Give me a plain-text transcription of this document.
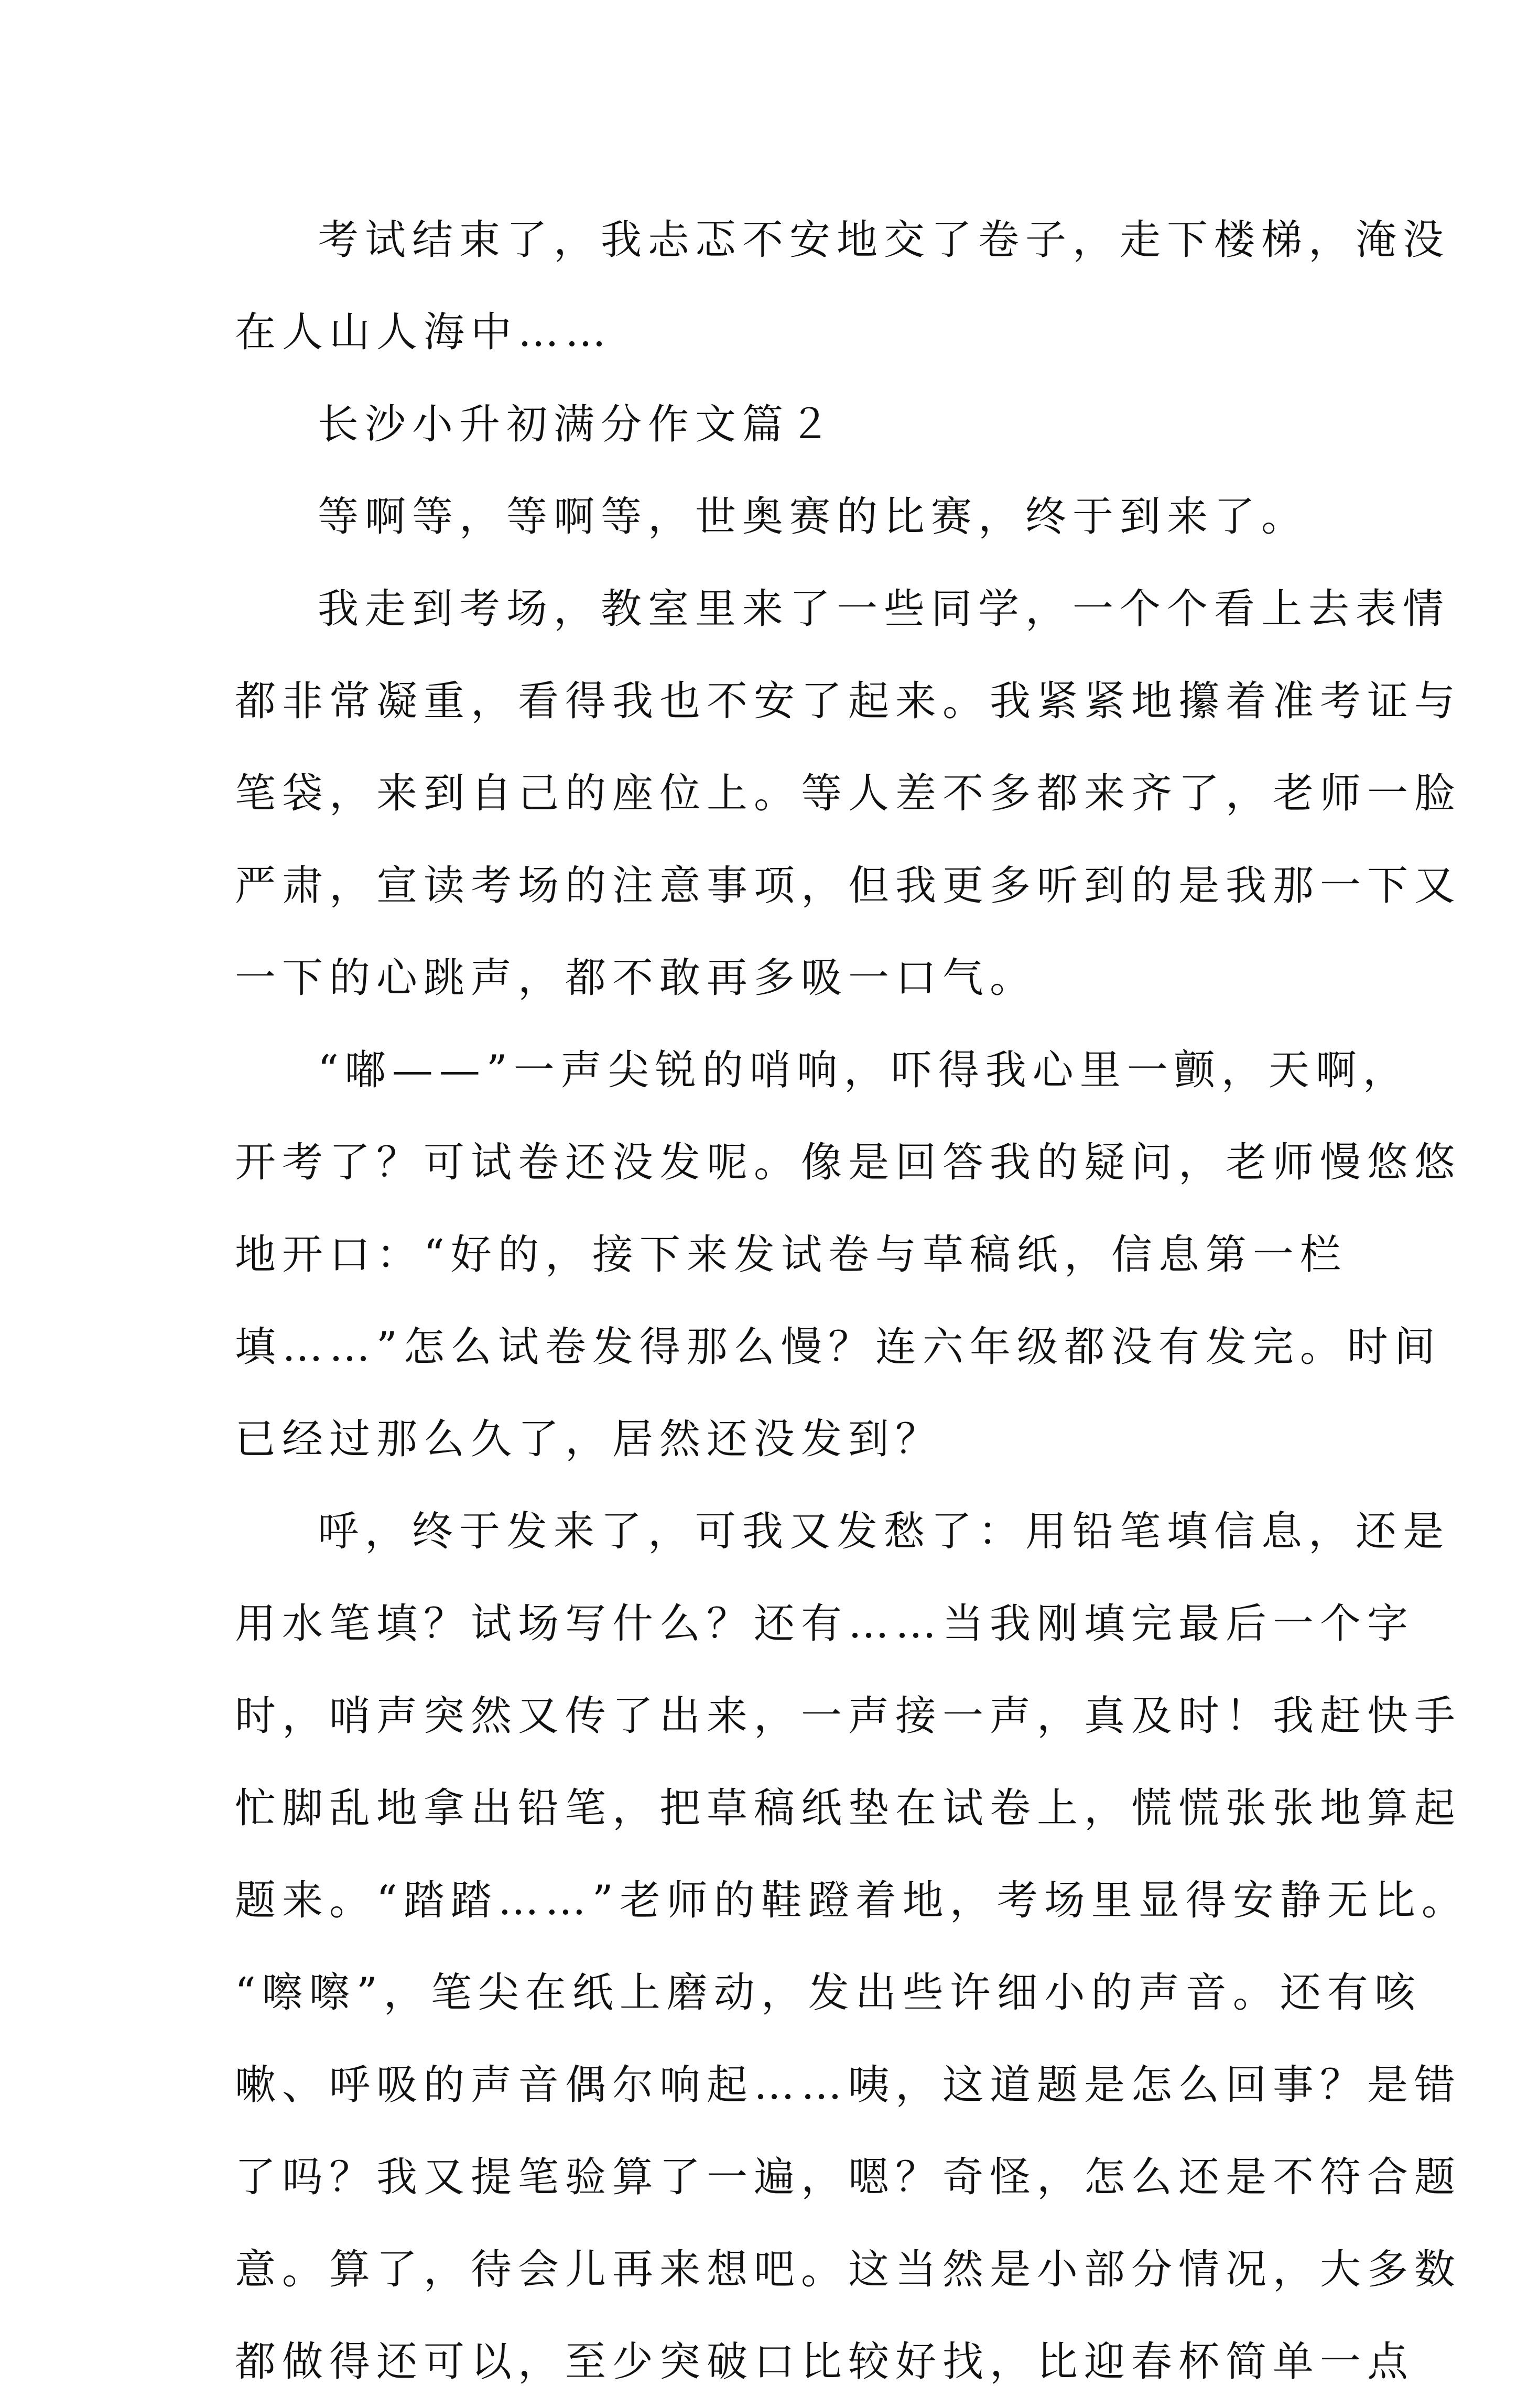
考试结束了，我忐忑不安地交了卷子，走下楼梯，淹没
在人山人海中……
长沙小升初满分作文篇２
等啊等，等啊等，世奥赛的比赛，终于到来了。
我走到考场，教室里来了一些同学，一个个看上去表情
都非常凝重，看得我也不安了起来。我紧紧地攥着准考证与
笔袋，来到自己的座位上。等人差不多都来齐了，老师一脸
严肃，宣读考场的注意事项，但我更多听到的是我那一下又
一下的心跳声，都不敢再多吸一口气。
“嘟——”一声尖锐的哨响，吓得我心里一颤，天啊，
开考了？可试卷还没发呢。像是回答我的疑问，老师慢悠悠
地开口：“好的，接下来发试卷与草稿纸，信息第一栏
填……”怎么试卷发得那么慢？连六年级都没有发完。时间
已经过那么久了，居然还没发到？
呼，终于发来了，可我又发愁了：用铅笔填信息，还是
用水笔填？试场写什么？还有……当我刚填完最后一个字
时，哨声突然又传了出来，一声接一声，真及时！我赶快手
忙脚乱地拿出铅笔，把草稿纸垫在试卷上，慌慌张张地算起
题来。“踏踏……”老师的鞋蹬着地，考场里显得安静无比。
“嚓嚓”，笔尖在纸上磨动，发出些许细小的声音。还有咳
嗽、呼吸的声音偶尔响起……咦，这道题是怎么回事？是错
了吗？我又提笔验算了一遍，嗯？奇怪，怎么还是不符合题
意。算了，待会儿再来想吧。这当然是小部分情况，大多数
都做得还可以，至少突破口比较好找，比迎春杯简单一点
